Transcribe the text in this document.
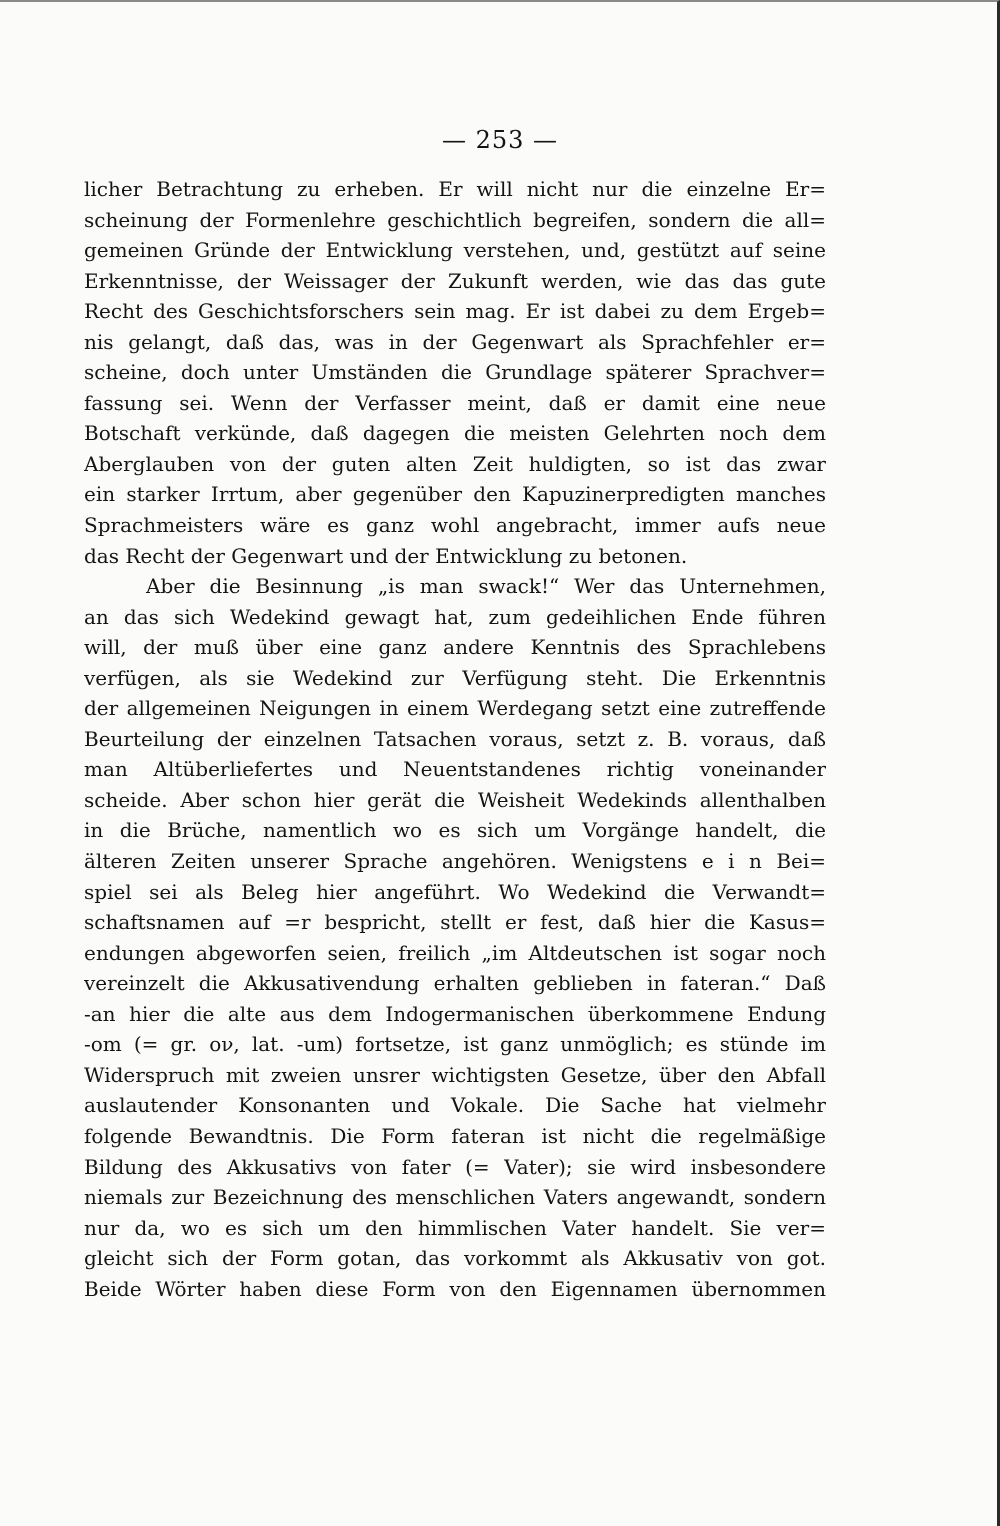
— 253 —
licher Betrachtung zu erheben. Er will nicht nur die einzelne Er=
scheinung der Formenlehre geschichtlich begreifen, sondern die all=
gemeinen Gründe der Entwicklung verstehen, und, gestützt auf seine
Erkenntnisse, der Weissager der Zukunft werden, wie das das gute
Recht des Geschichtsforschers sein mag. Er ist dabei zu dem Ergeb=
nis gelangt, daß das, was in der Gegenwart als Sprachfehler er=
scheine, doch unter Umständen die Grundlage späterer Sprachver=
fassung sei. Wenn der Verfasser meint, daß er damit eine neue
Botschaft verkünde, daß dagegen die meisten Gelehrten noch dem
Aberglauben von der guten alten Zeit huldigten, so ist das zwar
ein starker Irrtum, aber gegenüber den Kapuzinerpredigten manches
Sprachmeisters wäre es ganz wohl angebracht, immer aufs neue
das Recht der Gegenwart und der Entwicklung zu betonen.
Aber die Besinnung „is man swack!“ Wer das Unternehmen,
an das sich Wedekind gewagt hat, zum gedeihlichen Ende führen
will, der muß über eine ganz andere Kenntnis des Sprachlebens
verfügen, als sie Wedekind zur Verfügung steht. Die Erkenntnis
der allgemeinen Neigungen in einem Werdegang setzt eine zutreffende
Beurteilung der einzelnen Tatsachen voraus, setzt z. B. voraus, daß
man Altüberliefertes und Neuentstandenes richtig voneinander
scheide. Aber schon hier gerät die Weisheit Wedekinds allenthalben
in die Brüche, namentlich wo es sich um Vorgänge handelt, die
älteren Zeiten unserer Sprache angehören. Wenigstens e i n Bei=
spiel sei als Beleg hier angeführt. Wo Wedekind die Verwandt=
schaftsnamen auf =r bespricht, stellt er fest, daß hier die Kasus=
endungen abgeworfen seien, freilich „im Altdeutschen ist sogar noch
vereinzelt die Akkusativendung erhalten geblieben in fateran.“ Daß
-an hier die alte aus dem Indogermanischen überkommene Endung
-om (= gr. ον, lat. -um) fortsetze, ist ganz unmöglich; es stünde im
Widerspruch mit zweien unsrer wichtigsten Gesetze, über den Abfall
auslautender Konsonanten und Vokale. Die Sache hat vielmehr
folgende Bewandtnis. Die Form fateran ist nicht die regelmäßige
Bildung des Akkusativs von fater (= Vater); sie wird insbesondere
niemals zur Bezeichnung des menschlichen Vaters angewandt, sondern
nur da, wo es sich um den himmlischen Vater handelt. Sie ver=
gleicht sich der Form gotan, das vorkommt als Akkusativ von got.
Beide Wörter haben diese Form von den Eigennamen übernommen
